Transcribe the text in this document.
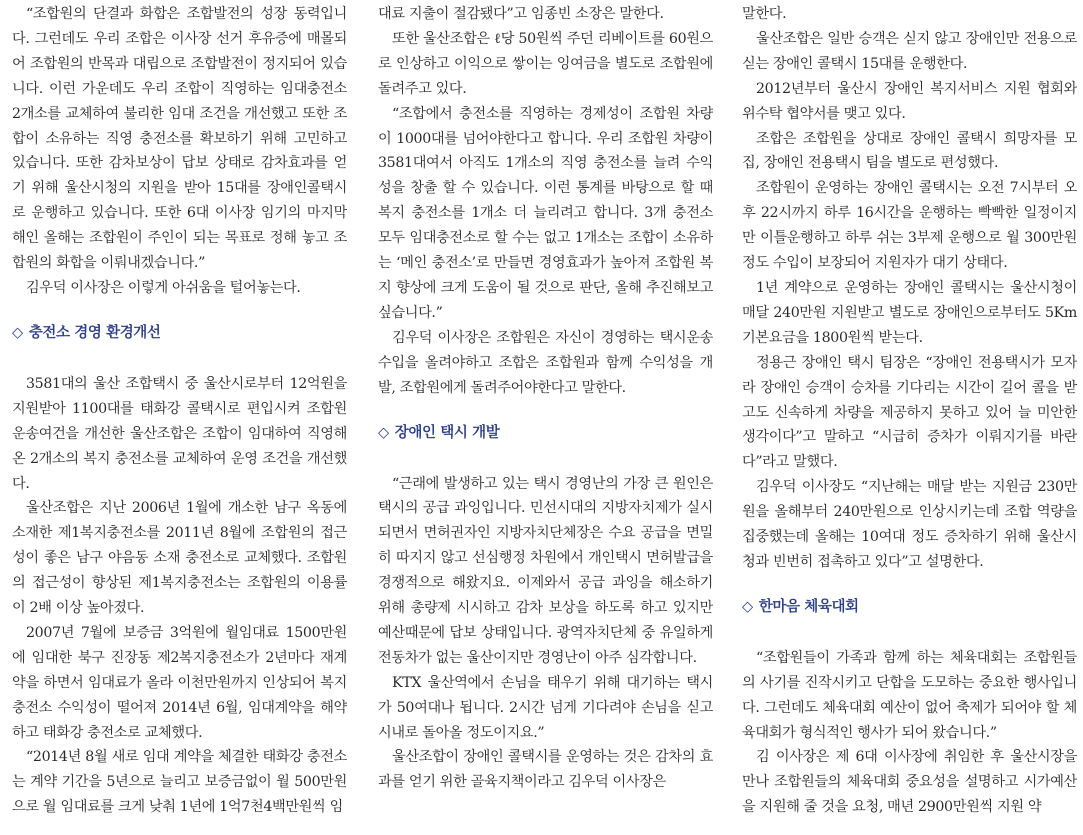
“조합원의 단결과 화합은 조합발전의 성장 동력입니다. 그런데도 우리 조합은 이사장 선거 후유증에 매몰되어 조합원의 반목과 대립으로 조합발전이 정지되어 있습니다. 이런 가운데도 우리 조합이 직영하는 임대충전소 2개소를 교체하여 불리한 임대 조건을 개선했고 또한 조합이 소유하는 직영 충전소를 확보하기 위해 고민하고 있습니다. 또한 감차보상이 답보 상태로 감차효과를 얻기 위해 울산시청의 지원을 받아 15대를 장애인콜택시로 운행하고 있습니다. 또한 6대 이사장 임기의 마지막 해인 올해는 조합원이 주인이 되는 목표로 정해 놓고 조합원의 화합을 이뤄내겠습니다.”

김우덕 이사장은 이렇게 아쉬움을 털어놓는다.

◇ 충전소 경영 환경개선

3581대의 울산 조합택시 중 울산시로부터 12억원을 지원받아 1100대를 태화강 콜택시로 편입시켜 조합원 운송여건을 개선한 울산조합은 조합이 임대하여 직영해온 2개소의 복지 충전소를 교체하여 운영 조건을 개선했다.

울산조합은 지난 2006년 1월에 개소한 남구 옥동에 소재한 제1복지충전소를 2011년 8월에 조합원의 접근성이 좋은 남구 야음동 소재 충전소로 교체했다. 조합원의 접근성이 향상된 제1복지충전소는 조합원의 이용률이 2배 이상 높아졌다.

2007년 7월에 보증금 3억원에 월임대료 1500만원에 임대한 북구 진장동 제2복지충전소가 2년마다 재계약을 하면서 임대료가 올라 이천만원까지 인상되어 복지충전소 수익성이 떨어져 2014년 6월, 임대계약을 해약하고 태화강 충전소로 교체했다.

“2014년 8월 새로 임대 계약을 체결한 태화강 충전소는 계약 기간을 5년으로 늘리고 보증금없이 월 500만원으로 월 임대료를 크게 낮춰 1년에 1억7천4백만원씩 임

대료 지출이 절감됐다”고 임종빈 소장은 말한다.

또한 울산조합은 ℓ당 50원씩 주던 리베이트를 60원으로 인상하고 이익으로 쌓이는 잉여금을 별도로 조합원에 돌려주고 있다.

“조합에서 충전소를 직영하는 경제성이 조합원 차량이 1000대를 넘어야한다고 합니다. 우리 조합원 차량이 3581대여서 아직도 1개소의 직영 충전소를 늘려 수익성을 창출 할 수 있습니다. 이런 통계를 바탕으로 할 때 복지 충전소를 1개소 더 늘리려고 합니다. 3개 충전소 모두 임대충전소로 할 수는 없고 1개소는 조합이 소유하는 ‘메인 충전소’로 만들면 경영효과가 높아져 조합원 복지 향상에 크게 도움이 될 것으로 판단, 올해 추진해보고 싶습니다.”

김우덕 이사장은 조합원은 자신이 경영하는 택시운송수입을 올려야하고 조합은 조합원과 함께 수익성을 개발, 조합원에게 돌려주어야한다고 말한다.

◇ 장애인 택시 개발

“근래에 발생하고 있는 택시 경영난의 가장 큰 원인은 택시의 공급 과잉입니다. 민선시대의 지방자치제가 실시되면서 면허권자인 지방자치단체장은 수요 공급을 면밀히 따지지 않고 선심행정 차원에서 개인택시 면허발급을 경쟁적으로 해왔지요. 이제와서 공급 과잉을 해소하기 위해 총량제 시시하고 감차 보상을 하도록 하고 있지만 예산때문에 답보 상태입니다. 광역자치단체 중 유일하게 전동차가 없는 울산이지만 경영난이 아주 심각합니다.

KTX 울산역에서 손님을 태우기 위해 대기하는 택시가 50여대나 됩니다. 2시간 넘게 기다려야 손님을 싣고 시내로 돌아올 정도이지요.”

울산조합이 장애인 콜택시를 운영하는 것은 감차의 효과를 얻기 위한 골육지책이라고 김우덕 이사장은

말한다.

울산조합은 일반 승객은 싣지 않고 장애인만 전용으로 싣는 장애인 콜택시 15대를 운행한다.

2012년부터 울산시 장애인 복지서비스 지원 협회와 위수탁 협약서를 맺고 있다.

조합은 조합원을 상대로 장애인 콜택시 희망자를 모집, 장애인 전용택시 팀을 별도로 편성했다.

조합원이 운영하는 장애인 콜택시는 오전 7시부터 오후 22시까지 하루 16시간을 운행하는 빡빡한 일정이지만 이틀운행하고 하루 쉬는 3부제 운행으로 월 300만원 정도 수입이 보장되어 지원자가 대기 상태다.

1년 계약으로 운영하는 장애인 콜택시는 울산시청이 매달 240만원 지원받고 별도로 장애인으로부터도 5Km 기본요금을 1800원씩 받는다.

정용근 장애인 택시 팀장은 “장애인 전용택시가 모자라 장애인 승객이 승차를 기다리는 시간이 길어 콜을 받고도 신속하게 차량을 제공하지 못하고 있어 늘 미안한 생각이다”고 말하고 “시급히 증차가 이뤄지기를 바란다”라고 말했다.

김우덕 이사장도 “지난해는 매달 받는 지원금 230만원을 올해부터 240만원으로 인상시키는데 조합 역량을 집중했는데 올해는 10여대 정도 증차하기 위해 울산시청과 빈번히 접촉하고 있다”고 설명한다.

◇ 한마음 체육대회

“조합원들이 가족과 함께 하는 체육대회는 조합원들의 사기를 진작시키고 단합을 도모하는 중요한 행사입니다. 그런데도 체육대회 예산이 없어 축제가 되어야 할 체육대회가 형식적인 행사가 되어 왔습니다.”

김 이사장은 제 6대 이사장에 취임한 후 울산시장을 만나 조합원들의 체육대회 중요성을 설명하고 시가예산을 지원해 줄 것을 요청, 매년 2900만원씩 지원 약
